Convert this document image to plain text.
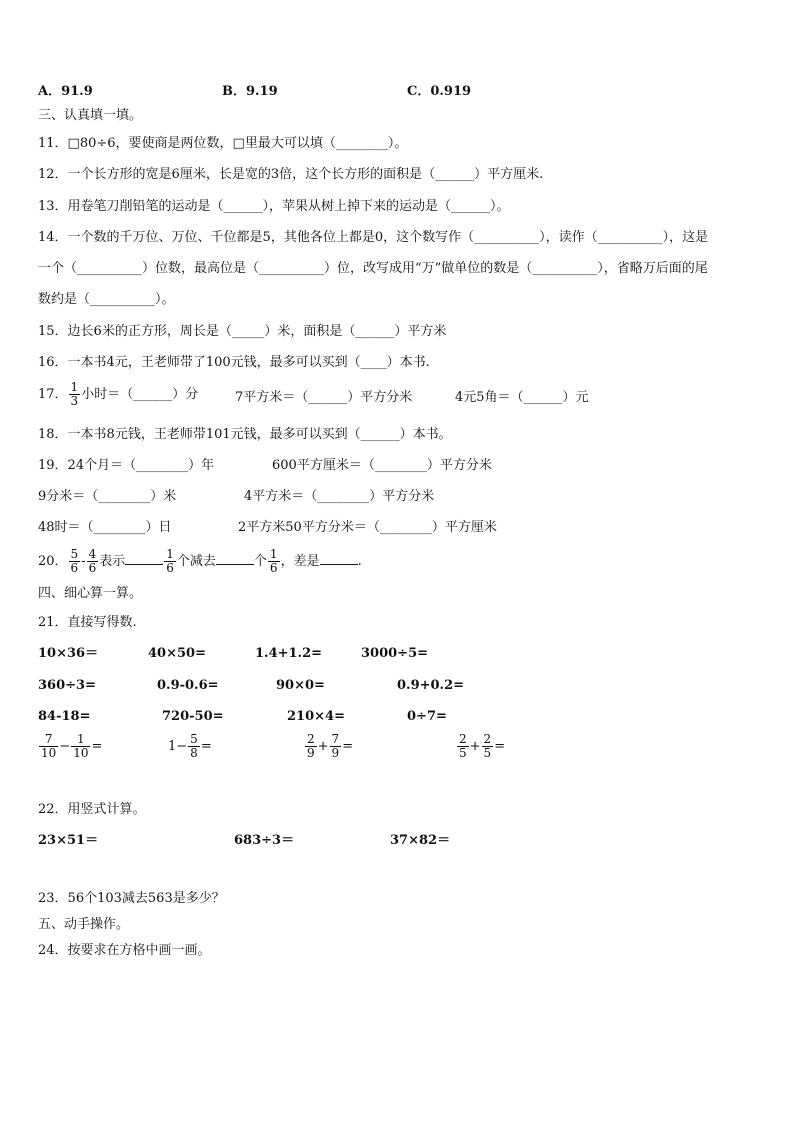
A．91.9	B．9.19	C．0.919
三、认真填一填。
11．□80÷6，要使商是两位数，□里最大可以填（________）。
12．一个长方形的宽是6厘米，长是宽的3倍，这个长方形的面积是（______）平方厘米.
13．用卷笔刀削铅笔的运动是（______），苹果从树上掉下来的运动是（______）。
14．一个数的千万位、万位、千位都是5，其他各位上都是0，这个数写作（__________），读作（__________），这是
一个（__________）位数，最高位是（__________）位，改写成用“万”做单位的数是（__________），省略万后面的尾
数约是（__________）。
15．边长6米的正方形，周长是（_____）米，面积是（______）平方米
16．一本书4元，王老师带了100元钱，最多可以买到（____）本书.
17． $\frac{1}{3}$ 小时＝（______）分	7平方米＝（______）平方分米	4元5角＝（______）元
18．一本书8元钱，王老师带101元钱，最多可以买到（______）本书。
19．24个月＝（________）年	600平方厘米＝（________）平方分米
9分米＝（________）米	4平方米＝（________）平方分米
48时＝（________）日	2平方米50平方分米＝（________）平方厘米
20． $\frac{5}{6} - \frac{4}{6}$ 表示	$\frac{1}{6}$ 个减去	个 $\frac{1}{6}$ ，差是	.
四、细心算一算。
21．直接写得数.
10×36＝	40×50=	1.4+1.2=	3000÷5=
360÷3=	0.9-0.6=	90×0=	0.9+0.2=
84-18=	720-50=	210×4=	0÷7=
$\frac{7}{10} - \frac{1}{10}$ =	$1- \frac{5}{8}$ =	$\frac{2}{9} + \frac{7}{9}$ =	$\frac{2}{5} + \frac{2}{5}$ =
22．用竖式计算。
23×51＝	683÷3＝	37×82＝
23．56个103减去563是多少？
五、动手操作。
24．按要求在方格中画一画。
